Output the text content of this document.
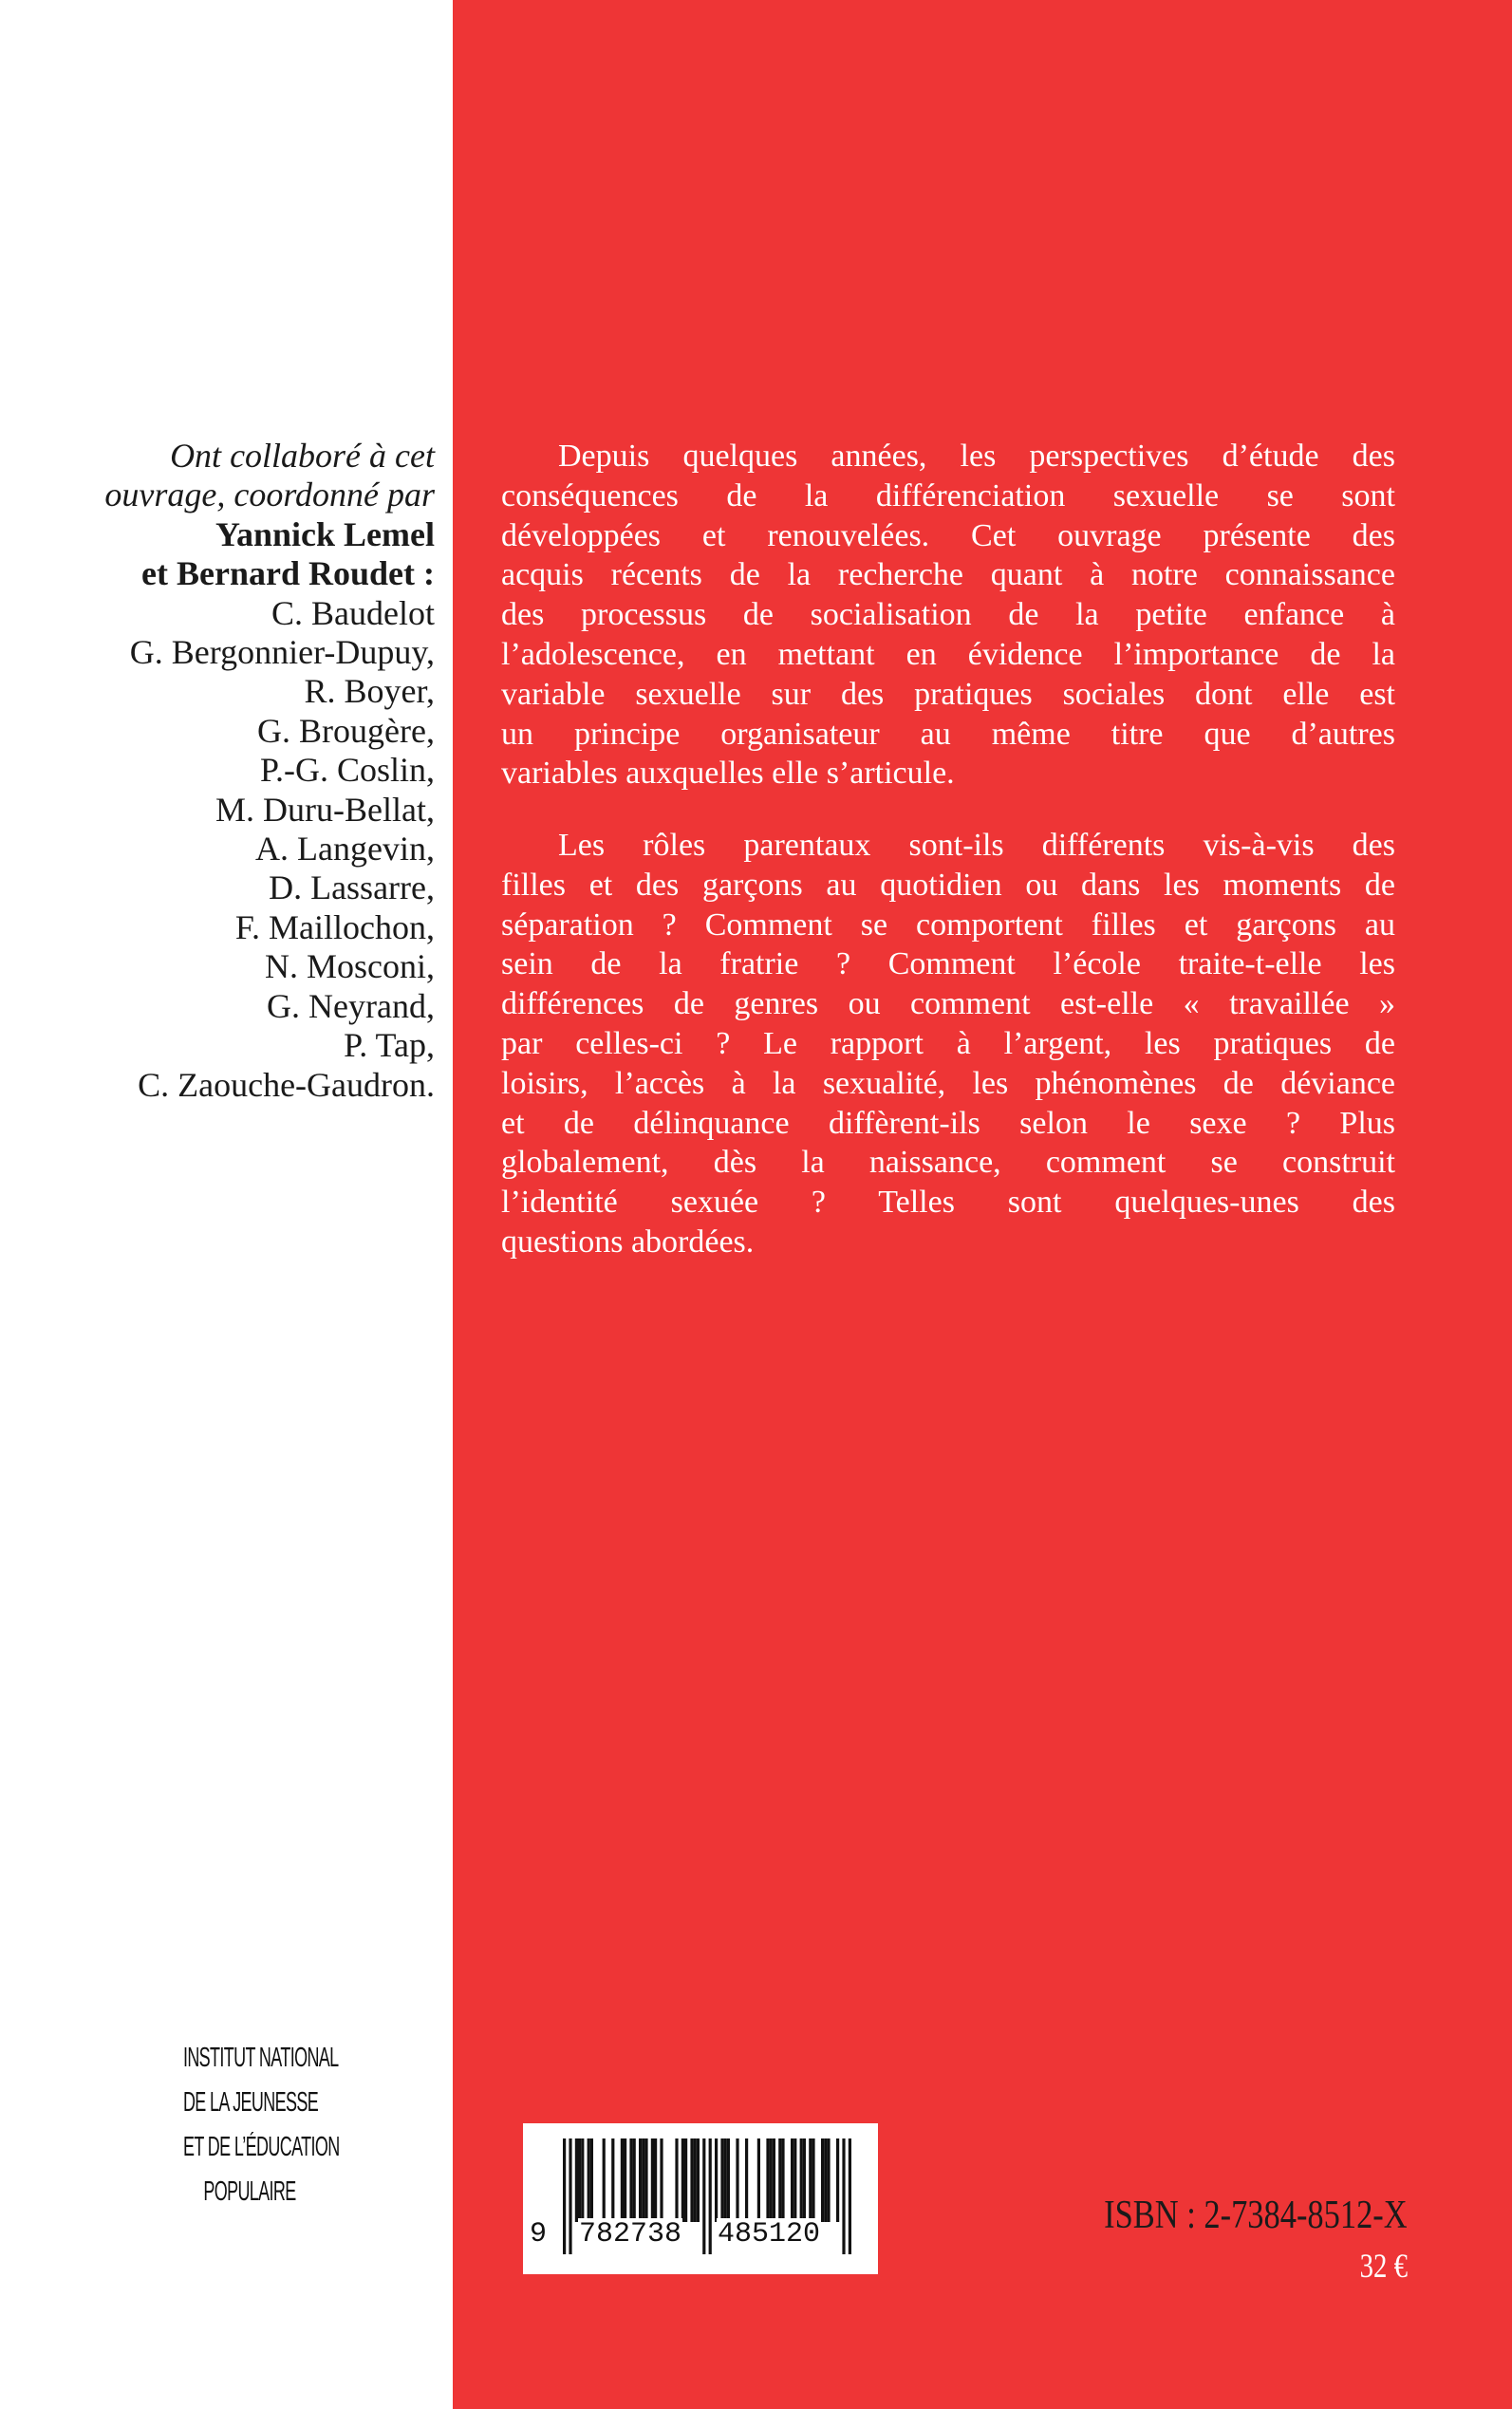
Ont collaboré à cet
ouvrage, coordonné par
Yannick Lemel
et Bernard Roudet :
C. Baudelot
G. Bergonnier-Dupuy,
R. Boyer,
G. Brougère,
P.-G. Coslin,
M. Duru-Bellat,
A. Langevin,
D. Lassarre,
F. Maillochon,
N. Mosconi,
G. Neyrand,
P. Tap,
C. Zaouche-Gaudron.
Depuis quelques années, les perspectives d’étude des
conséquences de la différenciation sexuelle se sont
développées et renouvelées. Cet ouvrage présente des
acquis récents de la recherche quant à notre connaissance
des processus de socialisation de la petite enfance à
l’adolescence, en mettant en évidence l’importance de la
variable sexuelle sur des pratiques sociales dont elle est
un principe organisateur au même titre que d’autres
variables auxquelles elle s’articule.
Les rôles parentaux sont-ils différents vis-à-vis des
filles et des garçons au quotidien ou dans les moments de
séparation ? Comment se comportent filles et garçons au
sein de la fratrie ? Comment l’école traite-t-elle les
différences de genres ou comment est-elle « travaillée »
par celles-ci ? Le rapport à l’argent, les pratiques de
loisirs, l’accès à la sexualité, les phénomènes de déviance
et de délinquance diffèrent-ils selon le sexe ? Plus
globalement, dès la naissance, comment se construit
l’identité sexuée ? Telles sont quelques-unes des
questions abordées.
INSTITUT NATIONAL
DE LA JEUNESSE
ET DE L’ÉDUCATION
POPULAIRE
9 782738 485120	ISBN : 2-7384-8512-X
32 €
